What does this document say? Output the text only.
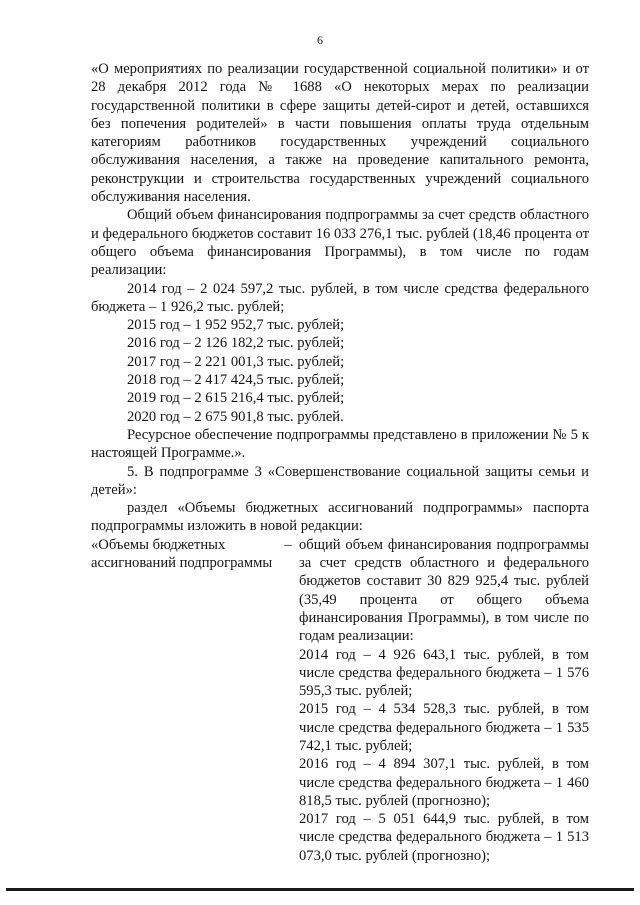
6

«О мероприятиях по реализации государственной социальной политики» и от 28 декабря 2012 года № 1688 «О некоторых мерах по реализации государственной политики в сфере защиты детей-сирот и детей, оставшихся без попечения родителей» в части повышения оплаты труда отдельным категориям работников государственных учреждений социального обслуживания населения, а также на проведение капитального ремонта, реконструкции и строительства государственных учреждений социального обслуживания населения.

Общий объем финансирования подпрограммы за счет средств областного и федерального бюджетов составит 16 033 276,1 тыс. рублей (18,46 процента от общего объема финансирования Программы), в том числе по годам реализации:

2014 год – 2 024 597,2 тыс. рублей, в том числе средства федерального бюджета – 1 926,2 тыс. рублей;

2015 год – 1 952 952,7 тыс. рублей;

2016 год – 2 126 182,2 тыс. рублей;

2017 год – 2 221 001,3 тыс. рублей;

2018 год – 2 417 424,5 тыс. рублей;

2019 год – 2 615 216,4 тыс. рублей;

2020 год – 2 675 901,8 тыс. рублей.

Ресурсное обеспечение подпрограммы представлено в приложении № 5 к настоящей Программе.».

5. В подпрограмме 3 «Совершенствование социальной защиты семьи и детей»:

раздел «Объемы бюджетных ассигнований подпрограммы» паспорта подпрограммы изложить в новой редакции:

«Объемы бюджетных ассигнований подпрограммы
– общий объем финансирования подпрограммы за счет средств областного и федерального бюджетов составит 30 829 925,4 тыс. рублей (35,49 процента от общего объема финансирования Программы), в том числе по годам реализации:
2014 год – 4 926 643,1 тыс. рублей, в том числе средства федерального бюджета – 1 576 595,3 тыс. рублей;
2015 год – 4 534 528,3 тыс. рублей, в том числе средства федерального бюджета – 1 535 742,1 тыс. рублей;
2016 год – 4 894 307,1 тыс. рублей, в том числе средства федерального бюджета – 1 460 818,5 тыс. рублей (прогнозно);
2017 год – 5 051 644,9 тыс. рублей, в том числе средства федерального бюджета – 1 513 073,0 тыс. рублей (прогнозно);
